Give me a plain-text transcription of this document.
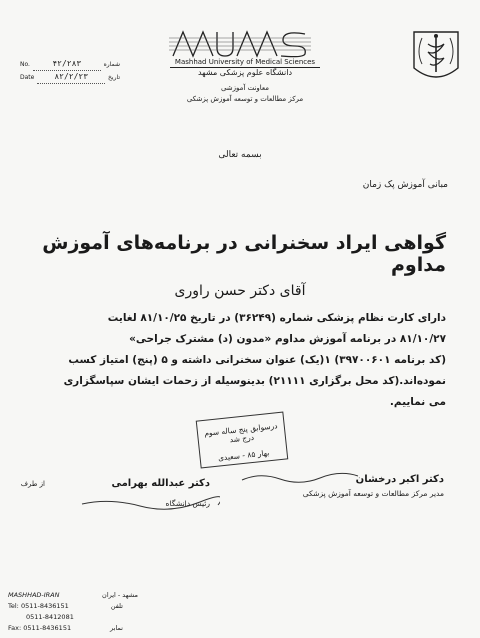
No.	۴۲/۲۸۳	شماره
Date	۸۲/۲/۲۳	تاریخ
Mashhad University of Medical Sciences
دانشگاه علوم پزشکی مشهد
معاونت آموزشی
مرکز مطالعات و توسعه آموزش پزشکی
بسمه تعالی
مبانی آموزش پک زمان
گواهی ایراد سخنرانی در برنامه‌های آموزش مداوم
آقای دکتر حسن راوری
دارای کارت نظام پزشکی شماره (۳۶۲۴۹) در تاریخ ۸۱/۱۰/۲۵ لغایت
۸۱/۱۰/۲۷ در برنامه آموزش مداوم «مدون (د) مشترک جراحی»
(کد برنامه ۳۹۷۰۰۶۰۱) ۱(یک) عنوان سخنرانی داشته و ۵ (پنج) امتیاز کسب
نموده‌اند.(کد محل برگزاری ۲۱۱۱۱) بدینوسیله از زحمات ایشان سپاسگزاری
می نماییم.
درسوابق پنج ساله سوم درج شد
بهار ۸۵ - سعیدی
دکتر اکبر درخشان
مدیر مرکز مطالعات و توسعه آموزش پزشکی
از طرف	دکتر عبدالله بهرامی
رئیس دانشگاه
MASHHAD-IRAN	مشهد - ایران
Tel: 0511-8436151	تلفن
0511-8412081
Fax: 0511-8436151	نمابر
